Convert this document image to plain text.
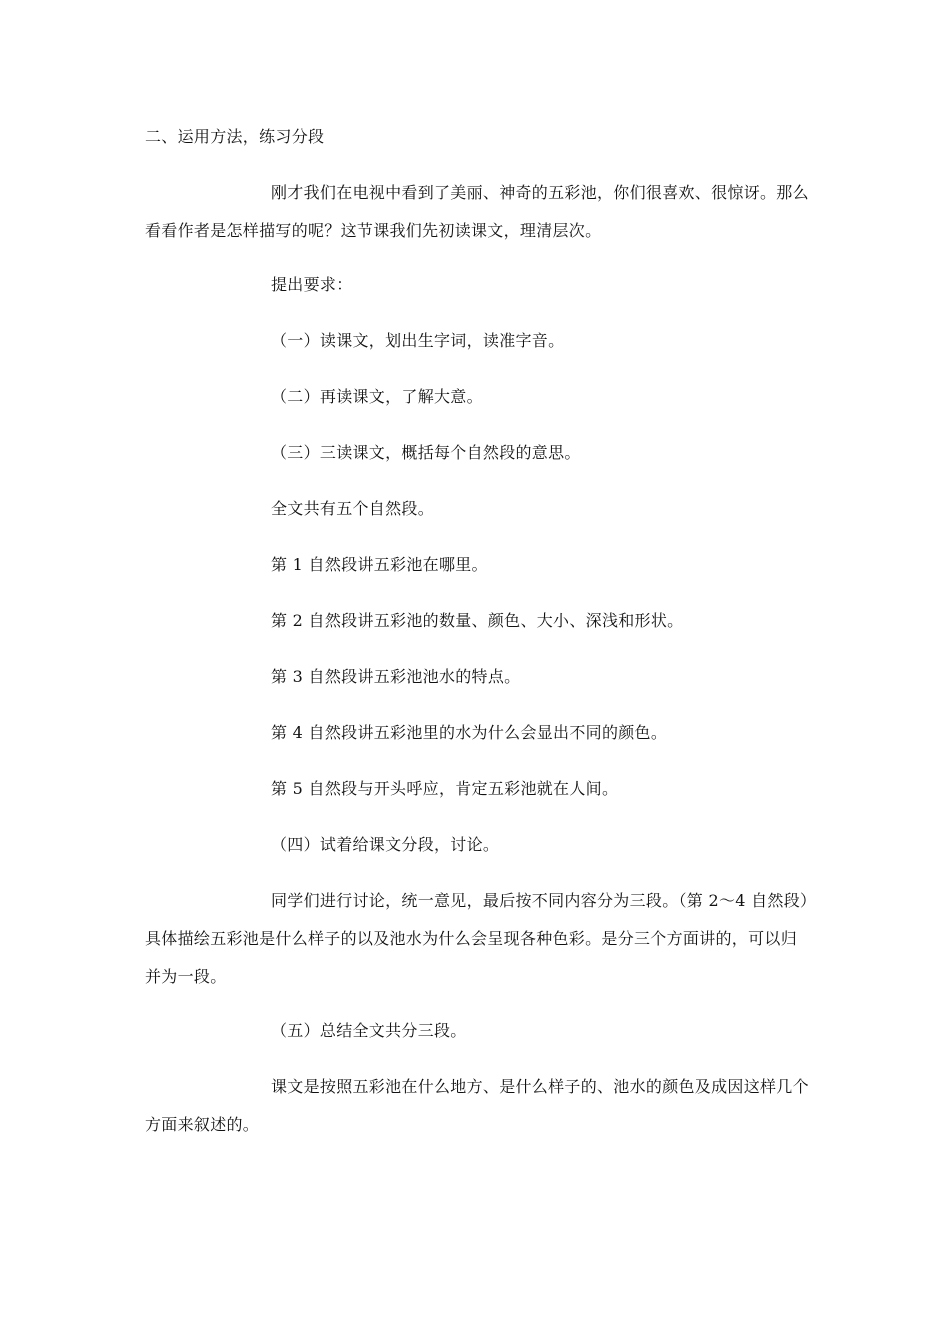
二、运用方法，练习分段

刚才我们在电视中看到了美丽、神奇的五彩池，你们很喜欢、很惊讶。那么看看作者是怎样描写的呢？这节课我们先初读课文，理清层次。

提出要求：

（一）读课文，划出生字词，读准字音。

（二）再读课文，了解大意。

（三）三读课文，概括每个自然段的意思。

全文共有五个自然段。

第 1 自然段讲五彩池在哪里。

第 2 自然段讲五彩池的数量、颜色、大小、深浅和形状。

第 3 自然段讲五彩池池水的特点。

第 4 自然段讲五彩池里的水为什么会显出不同的颜色。

第 5 自然段与开头呼应，肯定五彩池就在人间。

（四）试着给课文分段，讨论。

同学们进行讨论，统一意见，最后按不同内容分为三段。（第 2～4 自然段）具体描绘五彩池是什么样子的以及池水为什么会呈现各种色彩。是分三个方面讲的，可以归并为一段。

（五）总结全文共分三段。

课文是按照五彩池在什么地方、是什么样子的、池水的颜色及成因这样几个方面来叙述的。
